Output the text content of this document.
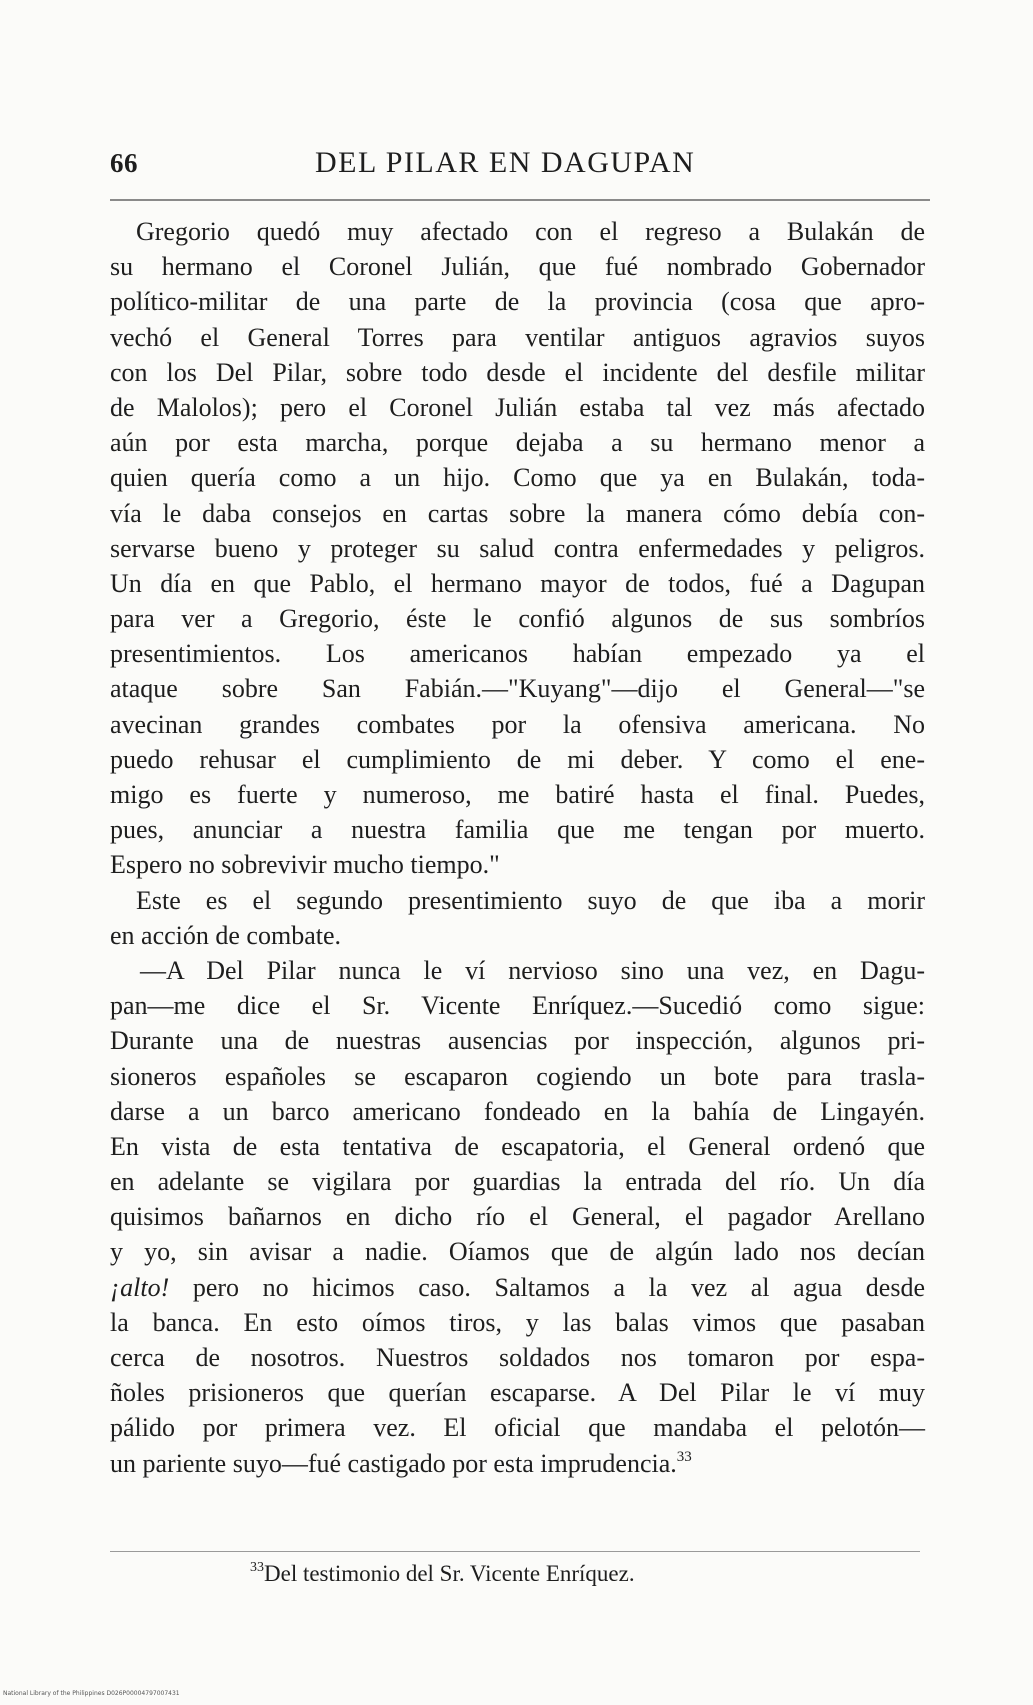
66	DEL PILAR EN DAGUPAN
Gregorio quedó muy afectado con el regreso a Bulakán de
su hermano el Coronel Julián, que fué nombrado Gobernador
político-militar de una parte de la provincia (cosa que apro-
vechó el General Torres para ventilar antiguos agravios suyos
con los Del Pilar, sobre todo desde el incidente del desfile militar
de Malolos); pero el Coronel Julián estaba tal vez más afectado
aún por esta marcha, porque dejaba a su hermano menor a
quien quería como a un hijo. Como que ya en Bulakán, toda-
vía le daba consejos en cartas sobre la manera cómo debía con-
servarse bueno y proteger su salud contra enfermedades y peligros.
Un día en que Pablo, el hermano mayor de todos, fué a Dagupan
para ver a Gregorio, éste le confió algunos de sus sombríos
presentimientos. Los americanos habían empezado ya el
ataque sobre San Fabián.—"Kuyang"—dijo el General—"se
avecinan grandes combates por la ofensiva americana. No
puedo rehusar el cumplimiento de mi deber. Y como el ene-
migo es fuerte y numeroso, me batiré hasta el final. Puedes,
pues, anunciar a nuestra familia que me tengan por muerto.
Espero no sobrevivir mucho tiempo."
Este es el segundo presentimiento suyo de que iba a morir
en acción de combate.
—A Del Pilar nunca le ví nervioso sino una vez, en Dagu-
pan—me dice el Sr. Vicente Enríquez.—Sucedió como sigue:
Durante una de nuestras ausencias por inspección, algunos pri-
sioneros españoles se escaparon cogiendo un bote para trasla-
darse a un barco americano fondeado en la bahía de Lingayén.
En vista de esta tentativa de escapatoria, el General ordenó que
en adelante se vigilara por guardias la entrada del río. Un día
quisimos bañarnos en dicho río el General, el pagador Arellano
y yo, sin avisar a nadie. Oíamos que de algún lado nos decían
¡alto! pero no hicimos caso. Saltamos a la vez al agua desde
la banca. En esto oímos tiros, y las balas vimos que pasaban
cerca de nosotros. Nuestros soldados nos tomaron por espa-
ñoles prisioneros que querían escaparse. A Del Pilar le ví muy
pálido por primera vez. El oficial que mandaba el pelotón—
un pariente suyo—fué castigado por esta imprudencia.$^{33}$
$^{33}$Del testimonio del Sr. Vicente Enríquez.
National Library of the Philippines D026P00004797007431
